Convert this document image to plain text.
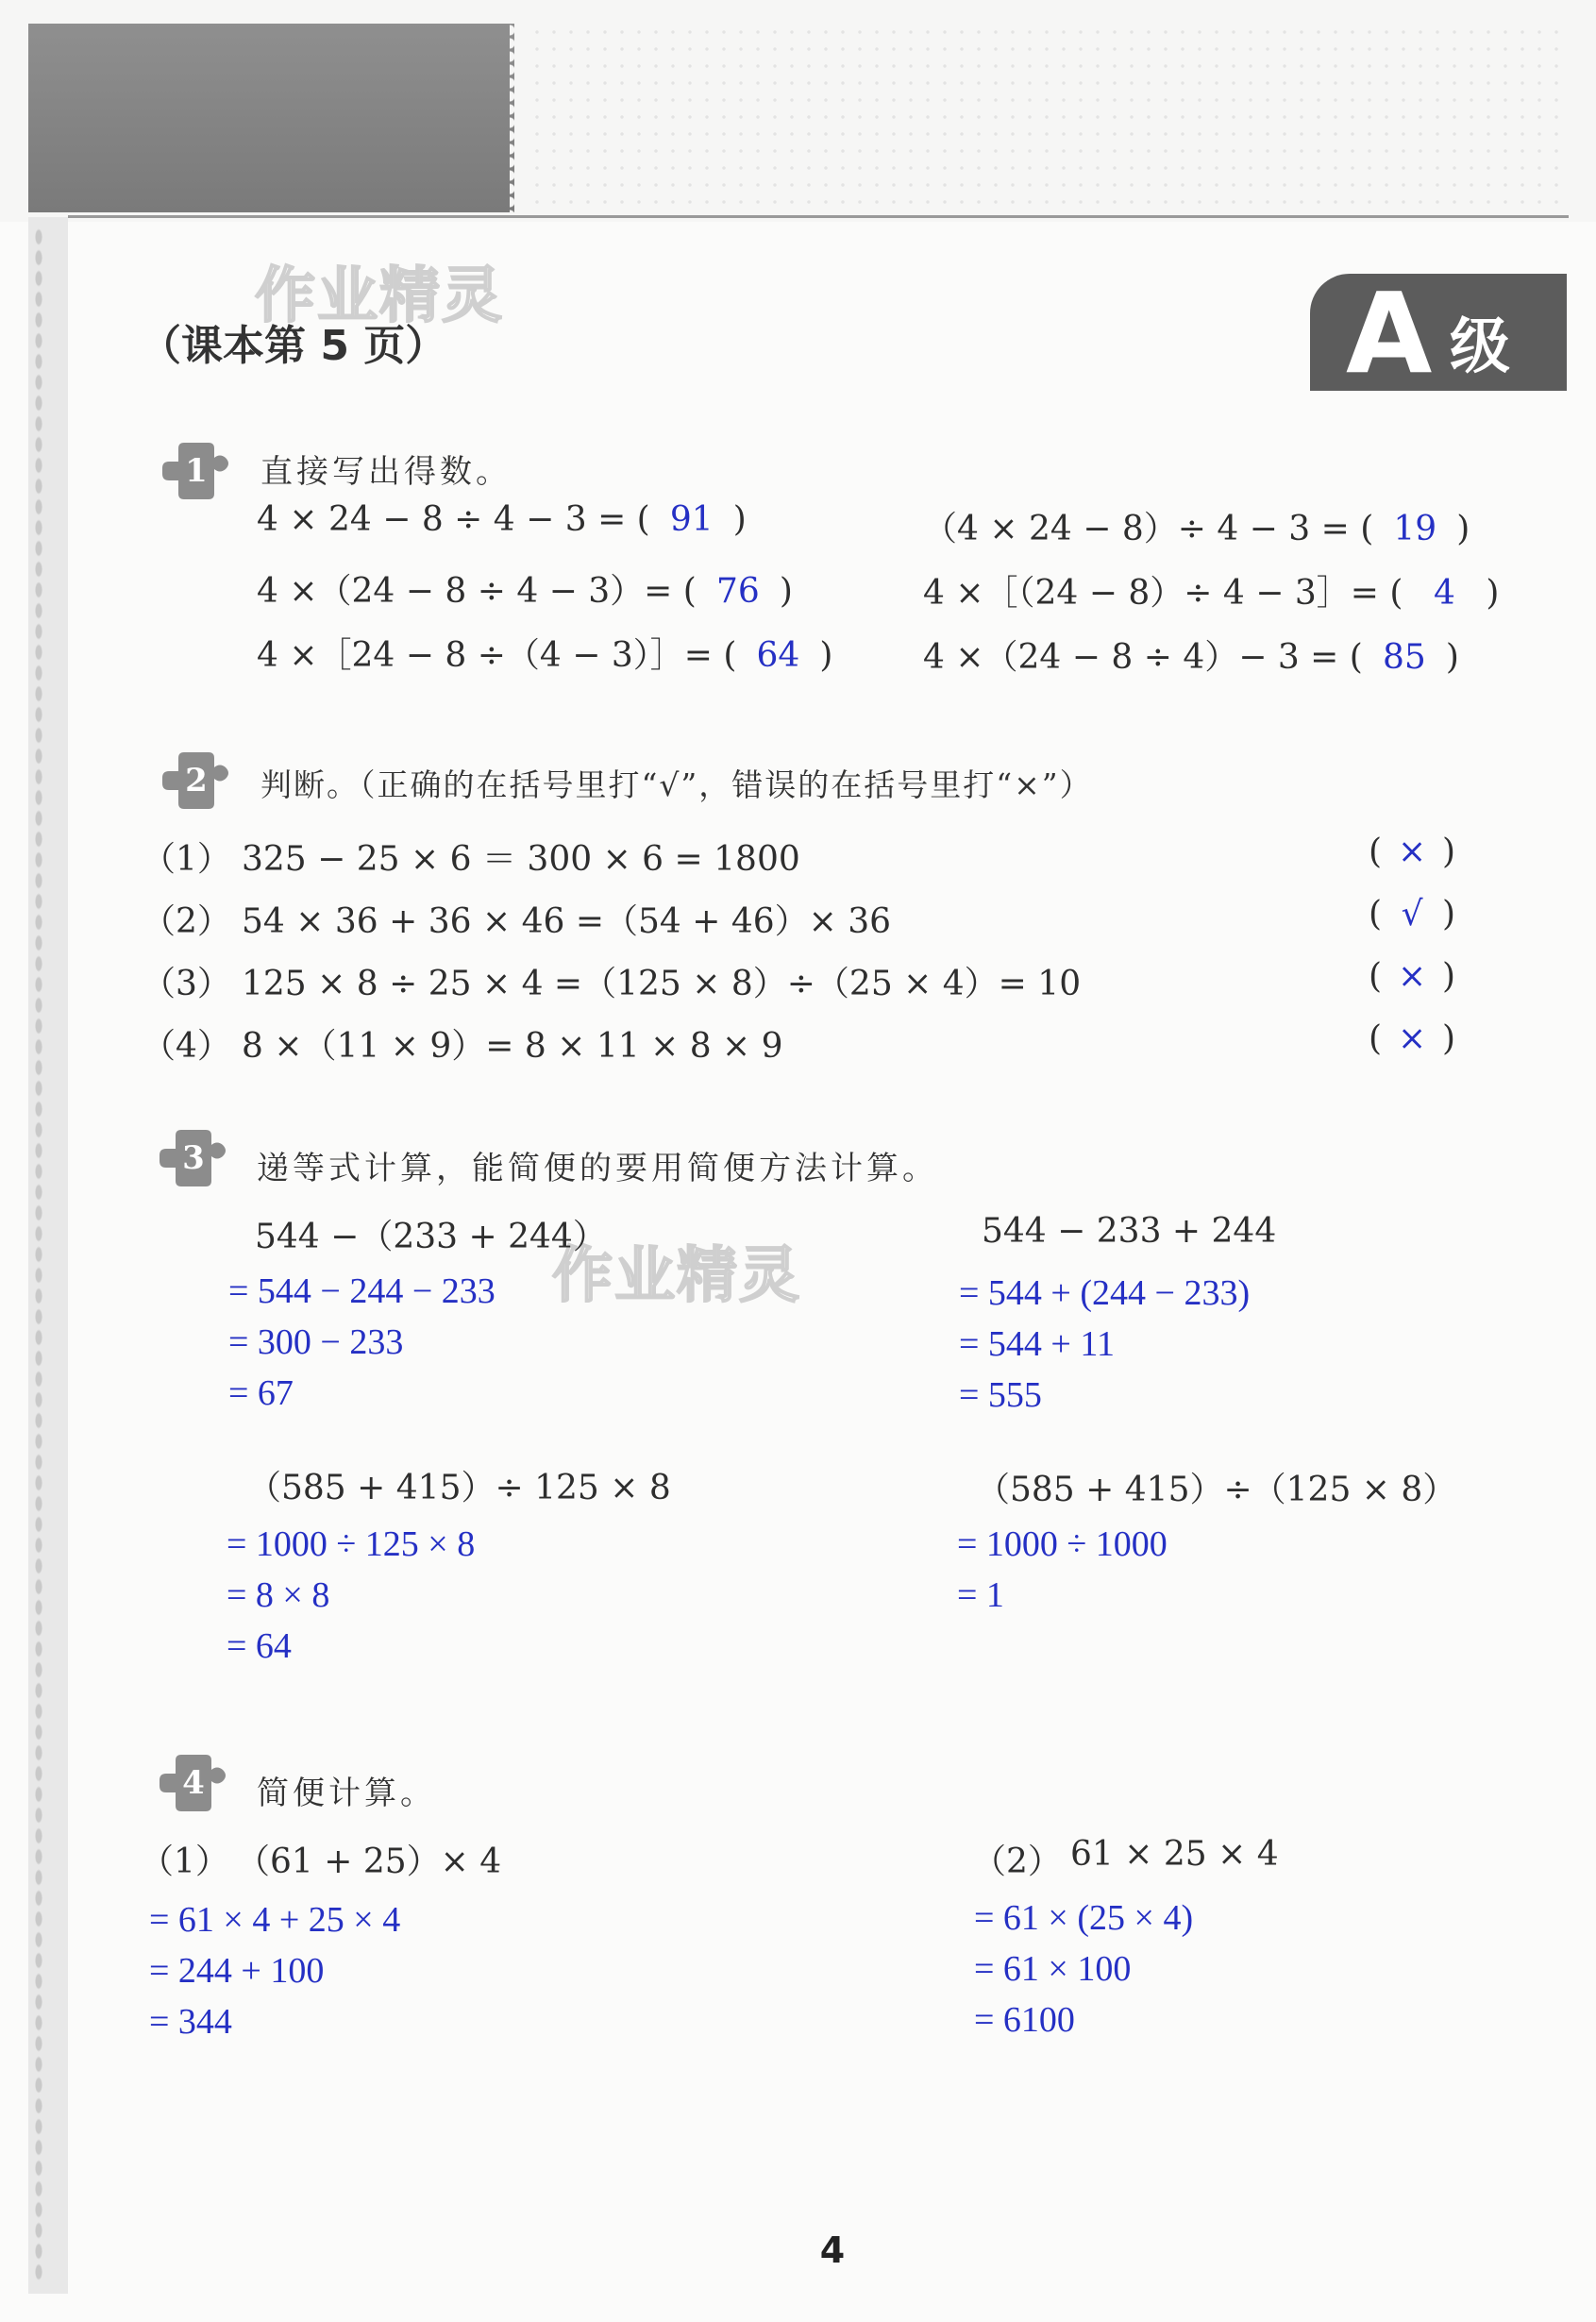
作业精灵
作业精灵
（课本第 5 页）	A 级
1 直接写出得数。
4 × 24 − 8 ÷ 4 − 3 = ( 91 )	（4 × 24 − 8）÷ 4 − 3 = ( 19 )
4 ×（24 − 8 ÷ 4 − 3）= ( 76 )	4 ×［（24 − 8）÷ 4 − 3］= ( 4 )
4 ×［24 − 8 ÷（4 − 3）］= ( 64 )	4 ×（24 − 8 ÷ 4）− 3 = ( 85 )
2 判断。（正确的在括号里打“√”，错误的在括号里打“×”）
（1） 325 − 25 × 6 ＝ 300 × 6 = 1800	( × )
（2） 54 × 36 + 36 × 46 =（54 + 46）× 36	( √ )
（3） 125 × 8 ÷ 25 × 4 =（125 × 8）÷（25 × 4）= 10	( × )
（4） 8 ×（11 × 9）= 8 × 11 × 8 × 9	( × )
3 递等式计算，能简便的要用简便方法计算。
544 −（233 + 244）
= 544 − 244 − 233
= 300 − 233
= 67
544 − 233 + 244
= 544 + (244 − 233)
= 544 + 11
= 555
（585 + 415）÷ 125 × 8
= 1000 ÷ 125 × 8
= 8 × 8
= 64
（585 + 415）÷（125 × 8）
= 1000 ÷ 1000
= 1
4 简便计算。
（1） （61 + 25）× 4
= 61 × 4 + 25 × 4
= 244 + 100
= 344
（2） 61 × 25 × 4
= 61 × (25 × 4)
= 61 × 100
= 6100
4
